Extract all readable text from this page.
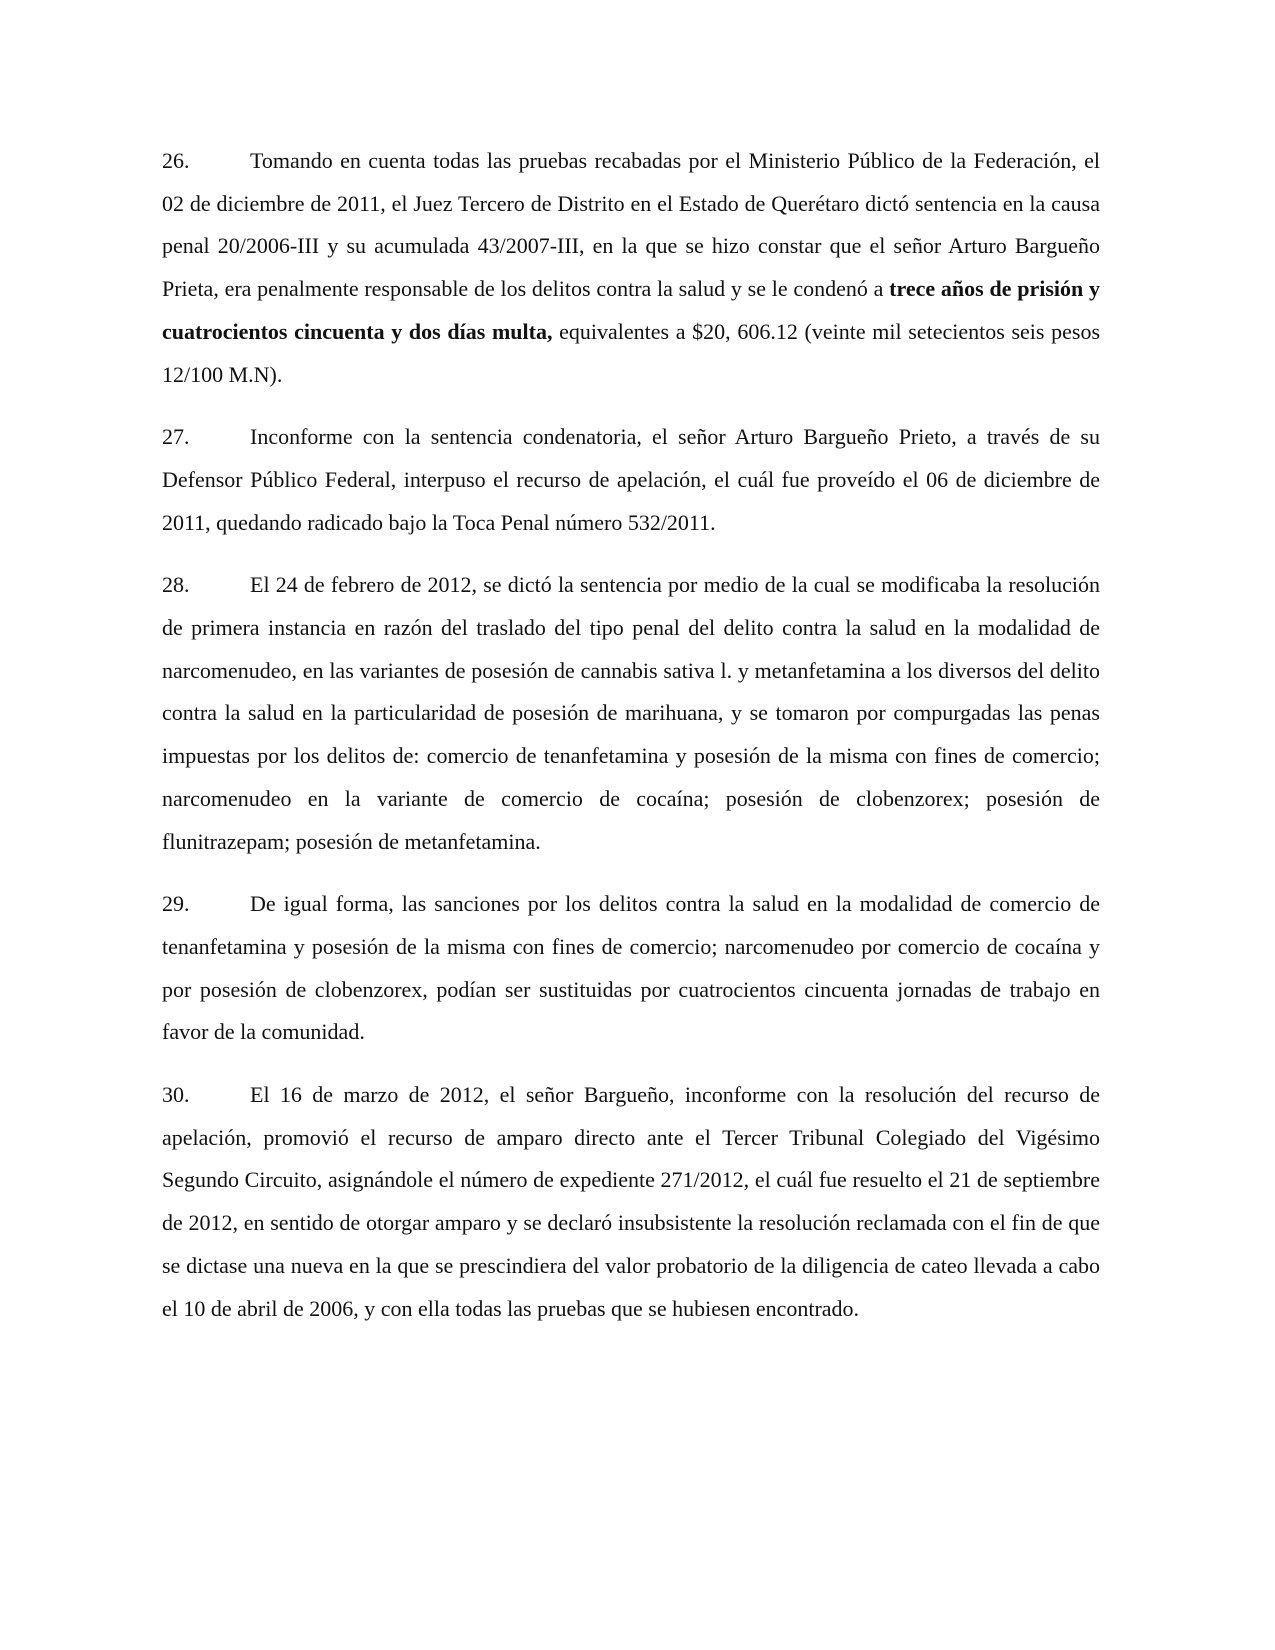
26.	Tomando en cuenta todas las pruebas recabadas por el Ministerio Público de la Federación, el 02 de diciembre de 2011, el Juez Tercero de Distrito en el Estado de Querétaro dictó sentencia en la causa penal 20/2006-III y su acumulada 43/2007-III, en la que se hizo constar que el señor Arturo Bargueño Prieta, era penalmente responsable de los delitos contra la salud y se le condenó a trece años de prisión y cuatrocientos cincuenta y dos días multa, equivalentes a $20, 606.12 (veinte mil setecientos seis pesos 12/100 M.N).

27.	Inconforme con la sentencia condenatoria, el señor Arturo Bargueño Prieto, a través de su Defensor Público Federal, interpuso el recurso de apelación, el cuál fue proveído el 06 de diciembre de 2011, quedando radicado bajo la Toca Penal número 532/2011.

28.	El 24 de febrero de 2012, se dictó la sentencia por medio de la cual se modificaba la resolución de primera instancia en razón del traslado del tipo penal del delito contra la salud en la modalidad de narcomenudeo, en las variantes de posesión de cannabis sativa l. y metanfetamina a los diversos del delito contra la salud en la particularidad de posesión de marihuana, y se tomaron por compurgadas las penas impuestas por los delitos de: comercio de tenanfetamina y posesión de la misma con fines de comercio; narcomenudeo en la variante de comercio de cocaína; posesión de clobenzorex; posesión de flunitrazepam; posesión de metanfetamina.

29.	De igual forma, las sanciones por los delitos contra la salud en la modalidad de comercio de tenanfetamina y posesión de la misma con fines de comercio; narcomenudeo por comercio de cocaína y por posesión de clobenzorex, podían ser sustituidas por cuatrocientos cincuenta jornadas de trabajo en favor de la comunidad.

30.	El 16 de marzo de 2012, el señor Bargueño, inconforme con la resolución del recurso de apelación, promovió el recurso de amparo directo ante el Tercer Tribunal Colegiado del Vigésimo Segundo Circuito, asignándole el número de expediente 271/2012, el cuál fue resuelto el 21 de septiembre de 2012, en sentido de otorgar amparo y se declaró insubsistente la resolución reclamada con el fin de que se dictase una nueva en la que se prescindiera del valor probatorio de la diligencia de cateo llevada a cabo el 10 de abril de 2006, y con ella todas las pruebas que se hubiesen encontrado.
